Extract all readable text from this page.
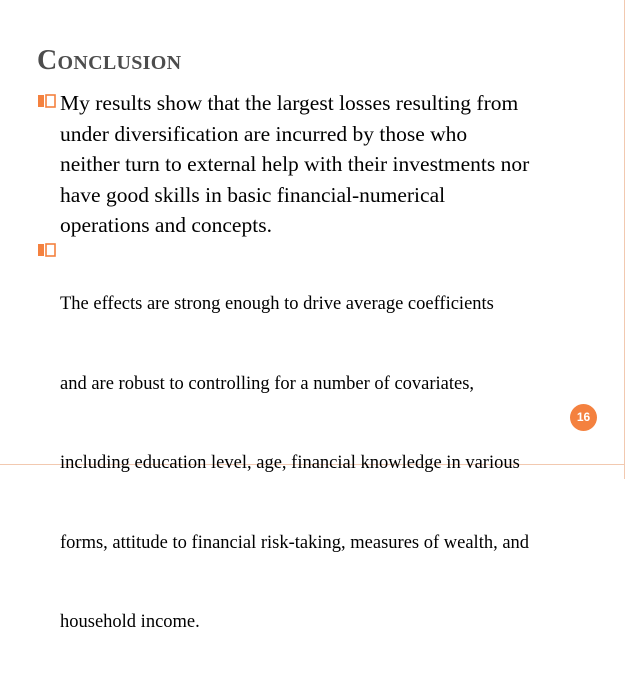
Conclusion
My results show that the largest losses resulting from
under diversification are incurred by those who
neither turn to external help with their investments nor
have good skills in basic financial-numerical
operations and concepts.

The effects are strong enough to drive average coefficients

and are robust to controlling for a number of covariates,

including education level, age, financial knowledge in various

forms, attitude to financial risk-taking, measures of wealth, and

household income.

16
